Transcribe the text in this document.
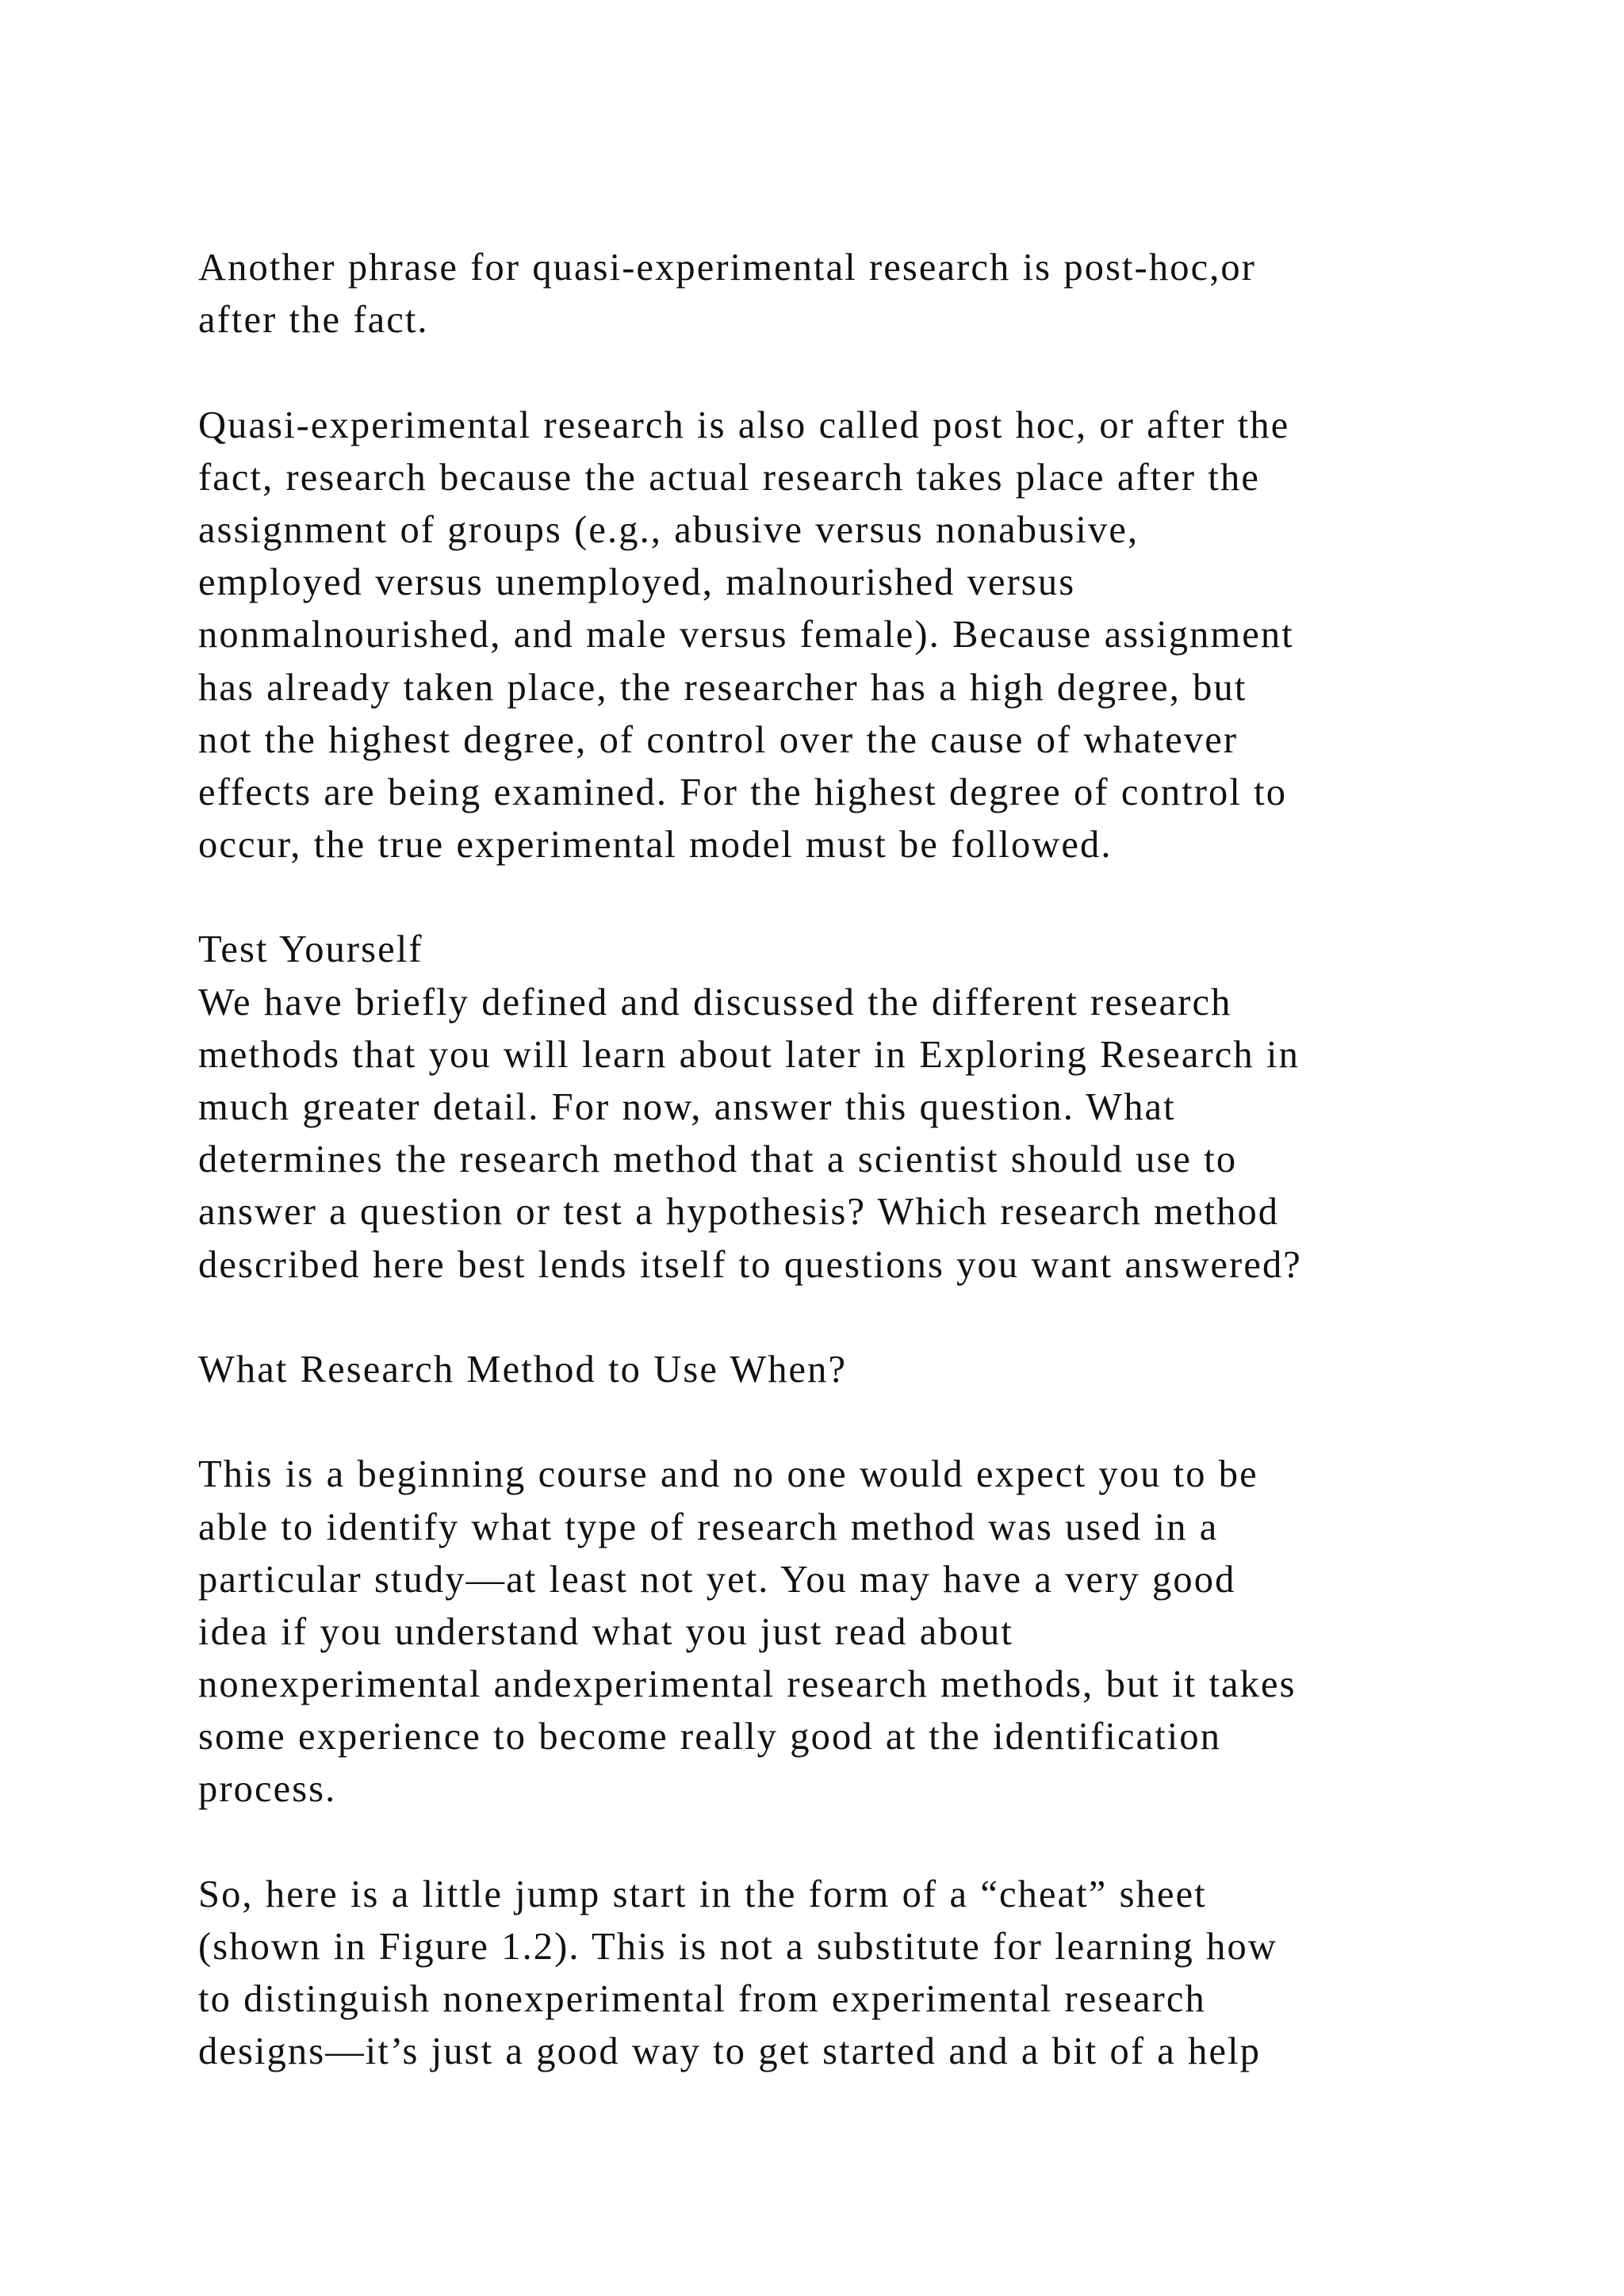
Another phrase for quasi-experimental research is post-hoc,or
after the fact.
Quasi-experimental research is also called post hoc, or after the
fact, research because the actual research takes place after the
assignment of groups (e.g., abusive versus nonabusive,
employed versus unemployed, malnourished versus
nonmalnourished, and male versus female). Because assignment
has already taken place, the researcher has a high degree, but
not the highest degree, of control over the cause of whatever
effects are being examined. For the highest degree of control to
occur, the true experimental model must be followed.
Test Yourself
We have briefly defined and discussed the different research
methods that you will learn about later in Exploring Research in
much greater detail. For now, answer this question. What
determines the research method that a scientist should use to
answer a question or test a hypothesis? Which research method
described here best lends itself to questions you want answered?
What Research Method to Use When?
This is a beginning course and no one would expect you to be
able to identify what type of research method was used in a
particular study—at least not yet. You may have a very good
idea if you understand what you just read about
nonexperimental andexperimental research methods, but it takes
some experience to become really good at the identification
process.
So, here is a little jump start in the form of a “cheat” sheet
(shown in Figure 1.2). This is not a substitute for learning how
to distinguish nonexperimental from experimental research
designs—it’s just a good way to get started and a bit of a help
